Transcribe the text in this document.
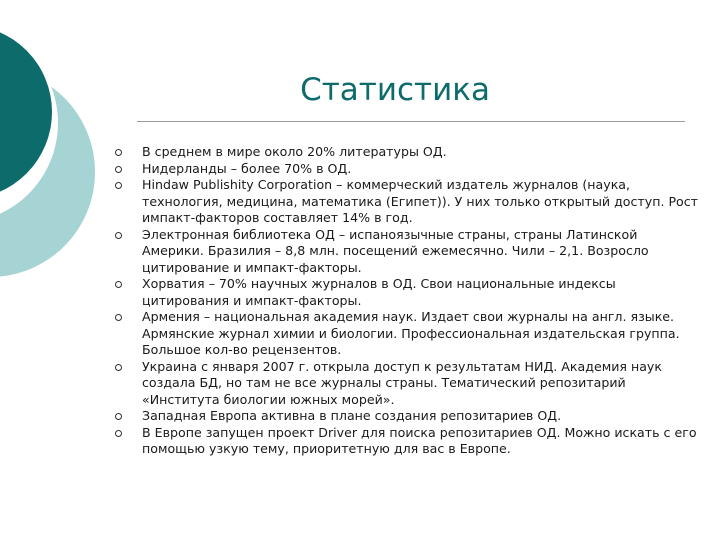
Статистика
В среднем в мире около 20% литературы ОД.
Нидерланды – более 70% в ОД.
Hindaw Publishity Corporation – коммерческий издатель журналов (наука, технология, медицина, математика (Египет)). У них только открытый доступ. Рост импакт-факторов составляет 14% в год.
Электронная библиотека ОД – испаноязычные страны, страны Латинской Америки. Бразилия – 8,8 млн. посещений ежемесячно. Чили – 2,1. Возросло цитирование и импакт-факторы.
Хорватия – 70% научных журналов в ОД. Свои национальные индексы цитирования и импакт-факторы.
Армения – национальная академия наук. Издает свои журналы на англ. языке. Армянские журнал химии и биологии. Профессиональная издательская группа. Большое кол-во рецензентов.
Украина с января 2007 г. открыла доступ к результатам НИД. Академия наук создала БД, но там не все журналы страны. Тематический репозитарий «Института биологии южных морей».
Западная Европа активна в плане создания репозитариев ОД.
В Европе запущен проект Driver для поиска репозитариев ОД. Можно искать с его помощью узкую тему, приоритетную для вас в Европе.
